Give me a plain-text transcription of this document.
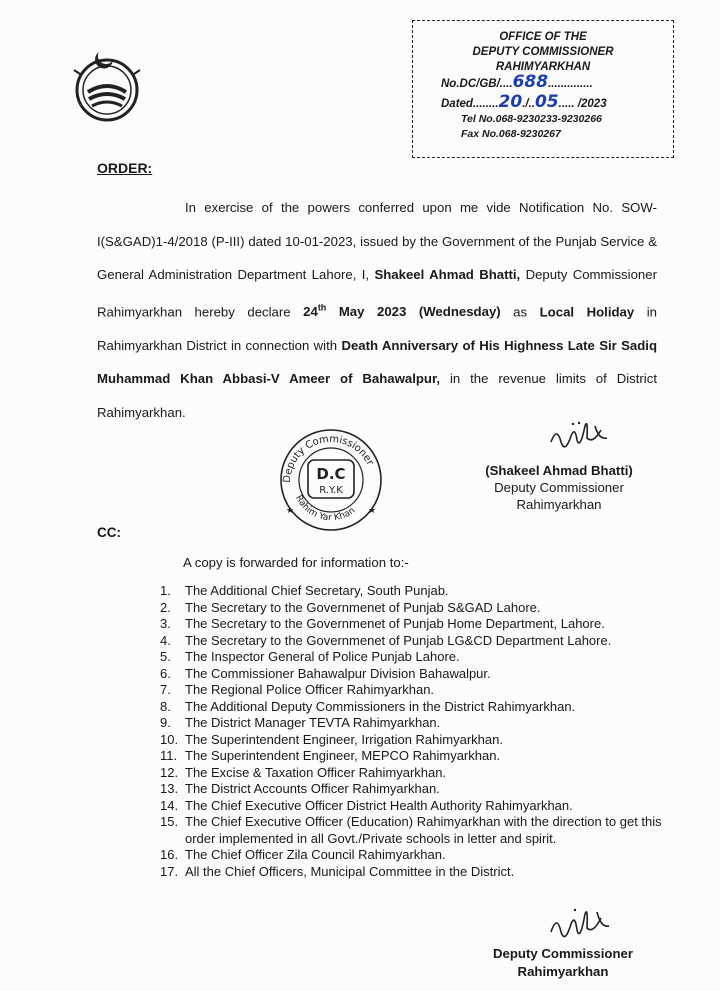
OFFICE OF THE
DEPUTY COMMISSIONER
RAHIMYARKHAN
No.DC/GB/....688..............
Dated........20./..05..... /2023
Tel No.068-9230233-9230266
Fax No.068-9230267
ORDER:

In exercise of the powers conferred upon me vide Notification No. SOW-I(S&GAD)1-4/2018 (P-III) dated 10-01-2023, issued by the Government of the Punjab Service & General Administration Department Lahore, I, Shakeel Ahmad Bhatti, Deputy Commissioner Rahimyarkhan hereby declare 24th May 2023 (Wednesday) as Local Holiday in Rahimyarkhan District in connection with Death Anniversary of His Highness Late Sir Sadiq Muhammad Khan Abbasi-V Ameer of Bahawalpur, in the revenue limits of District Rahimyarkhan.

Deputy Commissioner
Rahim Yar Khan
D.C
R.Y.K
★	★
(Shakeel Ahmad Bhatti)
Deputy Commissioner
Rahimyarkhan
CC:
A copy is forwarded for information to:-
1. The Additional Chief Secretary, South Punjab.
2. The Secretary to the Governmenet of Punjab S&GAD Lahore.
3. The Secretary to the Governmenet of Punjab Home Department, Lahore.
4. The Secretary to the Governmenet of Punjab LG&CD Department Lahore.
5. The Inspector General of Police Punjab Lahore.
6. The Commissioner Bahawalpur Division Bahawalpur.
7. The Regional Police Officer Rahimyarkhan.
8. The Additional Deputy Commissioners in the District Rahimyarkhan.
9. The District Manager TEVTA Rahimyarkhan.
10. The Superintendent Engineer, Irrigation Rahimyarkhan.
11. The Superintendent Engineer, MEPCO Rahimyarkhan.
12. The Excise & Taxation Officer Rahimyarkhan.
13. The District Accounts Officer Rahimyarkhan.
14. The Chief Executive Officer District Health Authority Rahimyarkhan.
15. The Chief Executive Officer (Education) Rahimyarkhan with the direction to get this order implemented in all Govt./Private schools in letter and spirit.
16. The Chief Officer Zila Council Rahimyarkhan.
17. All the Chief Officers, Municipal Committee in the District.
Deputy Commissioner
Rahimyarkhan
